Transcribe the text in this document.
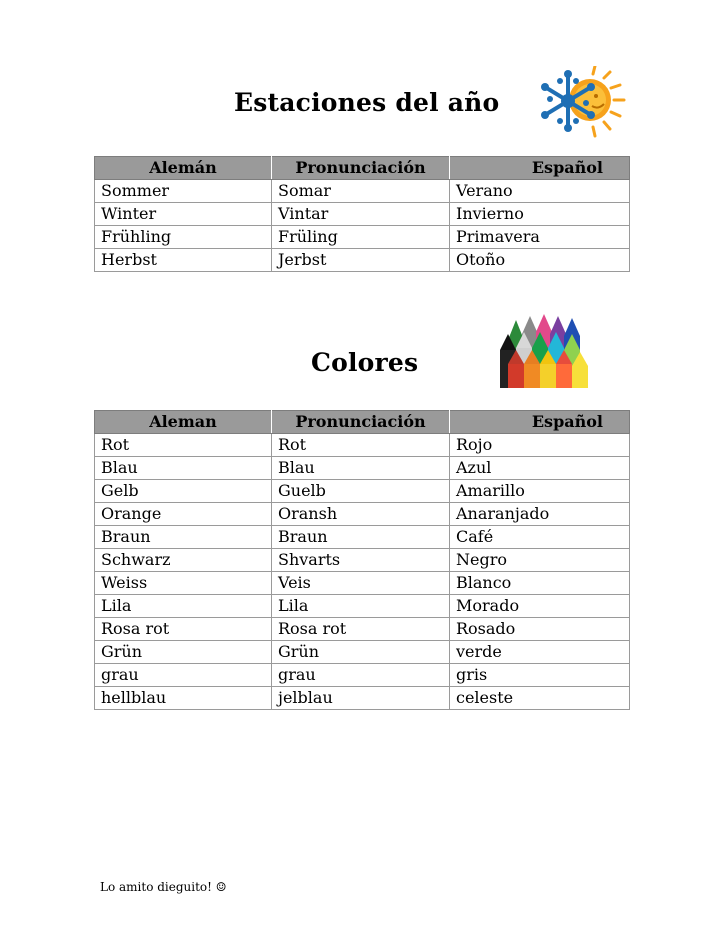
Estaciones del año
Alemán	Pronunciación	Español
Sommer	Somar	Verano
Winter	Vintar	Invierno
Frühling	Früling	Primavera
Herbst	Jerbst	Otoño
Colores
Aleman	Pronunciación	Español
Rot	Rot	Rojo
Blau	Blau	Azul
Gelb	Guelb	Amarillo
Orange	Oransh	Anaranjado
Braun	Braun	Café
Schwarz	Shvarts	Negro
Weiss	Veis	Blanco
Lila	Lila	Morado
Rosa rot	Rosa rot	Rosado
Grün	Grün	verde
grau	grau	gris
hellblau	jelblau	celeste
Lo amito dieguito! ☺
